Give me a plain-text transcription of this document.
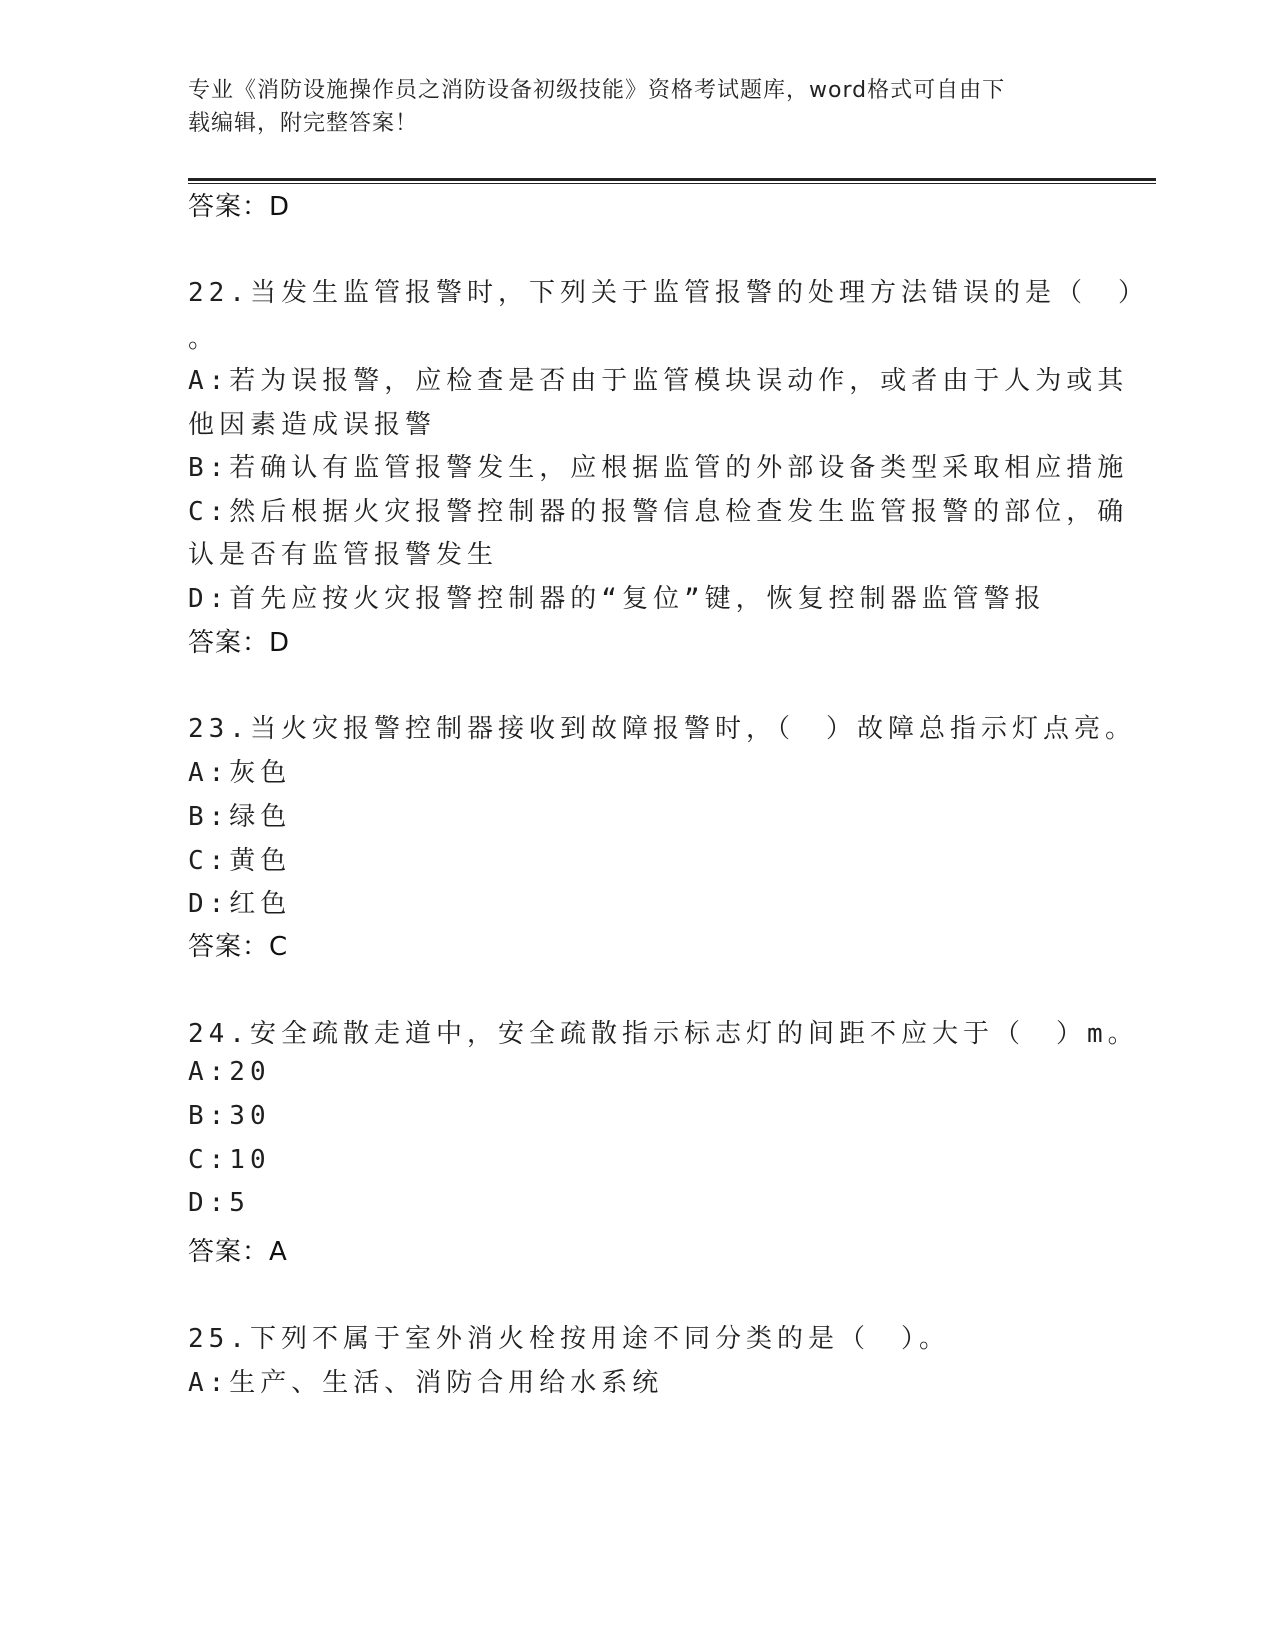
专业《消防设施操作员之消防设备初级技能》资格考试题库，word格式可自由下
载编辑，附完整答案！
答案：D
22.当发生监管报警时，下列关于监管报警的处理方法错误的是（　）
。
A:若为误报警，应检查是否由于监管模块误动作，或者由于人为或其
他因素造成误报警
B:若确认有监管报警发生，应根据监管的外部设备类型采取相应措施
C:然后根据火灾报警控制器的报警信息检查发生监管报警的部位，确
认是否有监管报警发生
D:首先应按火灾报警控制器的“复位”键，恢复控制器监管警报
答案：D
23.当火灾报警控制器接收到故障报警时，（　）故障总指示灯点亮。
A:灰色
B:绿色
C:黄色
D:红色
答案：C
24.安全疏散走道中，安全疏散指示标志灯的间距不应大于（　）m。
A:20
B:30
C:10
D:5
答案：A
25.下列不属于室外消火栓按用途不同分类的是（　）。
A:生产、生活、消防合用给水系统
